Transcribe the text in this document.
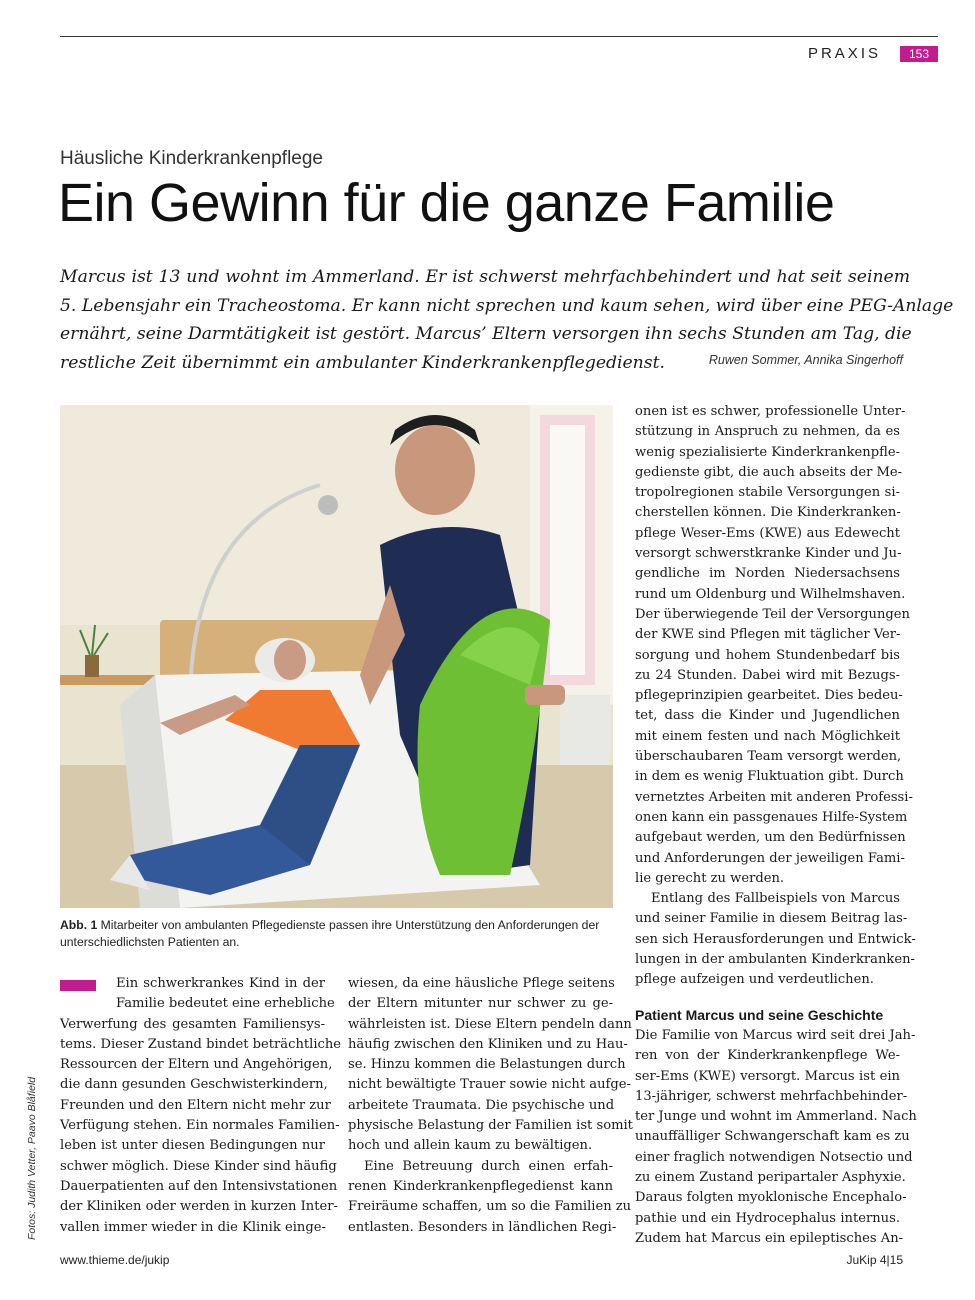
PRAXIS	153
Häusliche Kinderkrankenpflege
Ein Gewinn für die ganze Familie

Marcus ist 13 und wohnt im Ammerland. Er ist schwerst mehrfachbehindert und hat seit seinem

5. Lebensjahr ein Tracheostoma. Er kann nicht sprechen und kaum sehen, wird über eine PEG-Anlage

ernährt, seine Darmtätigkeit ist gestört. Marcus’ Eltern versorgen ihn sechs Stunden am Tag, die

restliche Zeit übernimmt ein ambulanter Kinderkrankenpflegedienst.	Ruwen Sommer, Annika Singerhoff
Abb. 1 Mitarbeiter von ambulanten Pflegedienste passen ihre Unterstützung den Anforderungen der unterschiedlichsten Patienten an.

Ein schwerkrankes Kind in der

Familie bedeutet eine erhebliche

Verwerfung des gesamten Familiensys-

tems. Dieser Zustand bindet beträchtliche

Ressourcen der Eltern und Angehörigen,

die dann gesunden Geschwisterkindern,

Freunden und den Eltern nicht mehr zur

Verfügung stehen. Ein normales Familien-

leben ist unter diesen Bedingungen nur

schwer möglich. Diese Kinder sind häufig

Dauerpatienten auf den Intensivstationen

der Kliniken oder werden in kurzen Inter-

vallen immer wieder in die Klinik einge-

wiesen, da eine häusliche Pflege seitens

der Eltern mitunter nur schwer zu ge-

währleisten ist. Diese Eltern pendeln dann

häufig zwischen den Kliniken und zu Hau-

se. Hinzu kommen die Belastungen durch

nicht bewältigte Trauer sowie nicht aufge-

arbeitete Traumata. Die psychische und

physische Belastung der Familien ist somit

hoch und allein kaum zu bewältigen.

Eine Betreuung durch einen erfah-

renen Kinderkrankenpflegedienst kann

Freiräume schaffen, um so die Familien zu

entlasten. Besonders in ländlichen Regi-

onen ist es schwer, professionelle Unter-

stützung in Anspruch zu nehmen, da es

wenig spezialisierte Kinderkrankenpfle-

gedienste gibt, die auch abseits der Me-

tropolregionen stabile Versorgungen si-

cherstellen können. Die Kinderkranken-

pflege Weser-Ems (KWE) aus Edewecht

versorgt schwerstkranke Kinder und Ju-

gendliche im Norden Niedersachsens

rund um Oldenburg und Wilhelmshaven.

Der überwiegende Teil der Versorgungen

der KWE sind Pflegen mit täglicher Ver-

sorgung und hohem Stundenbedarf bis

zu 24 Stunden. Dabei wird mit Bezugs-

pflegeprinzipien gearbeitet. Dies bedeu-

tet, dass die Kinder und Jugendlichen

mit einem festen und nach Möglichkeit

überschaubaren Team versorgt werden,

in dem es wenig Fluktuation gibt. Durch

vernetztes Arbeiten mit anderen Professi-

onen kann ein passgenaues Hilfe-System

aufgebaut werden, um den Bedürfnissen

und Anforderungen der jeweiligen Fami-

lie gerecht zu werden.

Entlang des Fallbeispiels von Marcus

und seiner Familie in diesem Beitrag las-

sen sich Herausforderungen und Entwick-

lungen in der ambulanten Kinderkranken-

pflege aufzeigen und verdeutlichen.

Patient Marcus und seine Geschichte

Die Familie von Marcus wird seit drei Jah-

ren von der Kinderkrankenpflege We-

ser-Ems (KWE) versorgt. Marcus ist ein

13-jähriger, schwerst mehrfachbehinder-

ter Junge und wohnt im Ammerland. Nach

unauffälliger Schwangerschaft kam es zu

einer fraglich notwendigen Notsectio und

zu einem Zustand peripartaler Asphyxie.

Daraus folgten myoklonische Encephalo-

pathie und ein Hydrocephalus internus.

Zudem hat Marcus ein epileptisches An-

Fotos: Judith Vetter, Paavo Blåfield
www.thieme.de/jukip	JuKip 4|15
